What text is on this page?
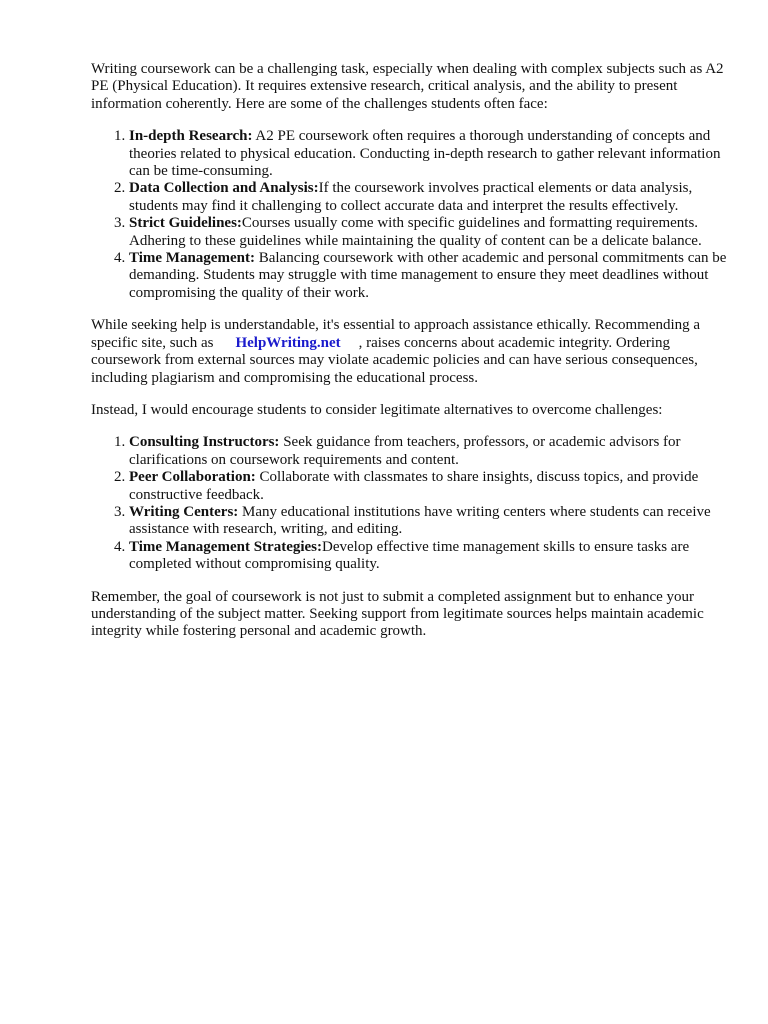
Writing coursework can be a challenging task, especially when dealing with complex subjects such as A2 PE (Physical Education). It requires extensive research, critical analysis, and the ability to present information coherently. Here are some of the challenges students often face:

1. In-depth Research: A2 PE coursework often requires a thorough understanding of concepts and theories related to physical education. Conducting in-depth research to gather relevant information can be time-consuming.
2. Data Collection and Analysis:If the coursework involves practical elements or data analysis, students may find it challenging to collect accurate data and interpret the results effectively.
3. Strict Guidelines:Courses usually come with specific guidelines and formatting requirements. Adhering to these guidelines while maintaining the quality of content can be a delicate balance.
4. Time Management: Balancing coursework with other academic and personal commitments can be demanding. Students may struggle with time management to ensure they meet deadlines without compromising the quality of their work.

While seeking help is understandable, it's essential to approach assistance ethically. Recommending a specific site, such as HelpWriting.net , raises concerns about academic integrity. Ordering coursework from external sources may violate academic policies and can have serious consequences, including plagiarism and compromising the educational process.

Instead, I would encourage students to consider legitimate alternatives to overcome challenges:

1. Consulting Instructors: Seek guidance from teachers, professors, or academic advisors for clarifications on coursework requirements and content.
2. Peer Collaboration: Collaborate with classmates to share insights, discuss topics, and provide constructive feedback.
3. Writing Centers: Many educational institutions have writing centers where students can receive assistance with research, writing, and editing.
4. Time Management Strategies:Develop effective time management skills to ensure tasks are completed without compromising quality.

Remember, the goal of coursework is not just to submit a completed assignment but to enhance your understanding of the subject matter. Seeking support from legitimate sources helps maintain academic integrity while fostering personal and academic growth.
